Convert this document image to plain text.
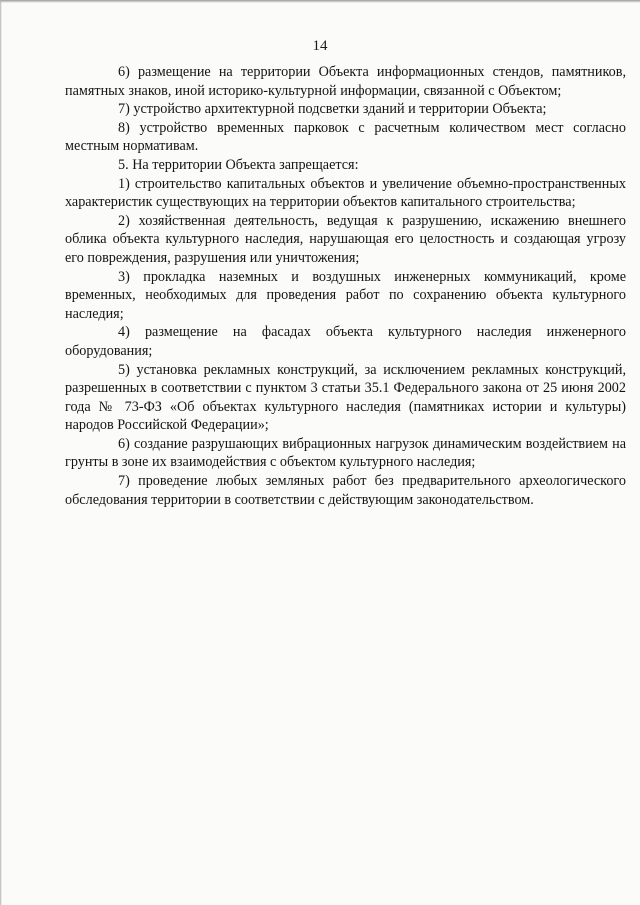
14

6) размещение на территории Объекта информационных стендов, памятников, памятных знаков, иной историко-культурной информации, связанной с Объектом;

7) устройство архитектурной подсветки зданий и территории Объекта;

8) устройство временных парковок с расчетным количеством мест согласно местным нормативам.

5. На территории Объекта запрещается:

1) строительство капитальных объектов и увеличение объемно-пространственных характеристик существующих на территории объектов капитального строительства;

2) хозяйственная деятельность, ведущая к разрушению, искажению внешнего облика объекта культурного наследия, нарушающая его целостность и создающая угрозу его повреждения, разрушения или уничтожения;

3) прокладка наземных и воздушных инженерных коммуникаций, кроме временных, необходимых для проведения работ по сохранению объекта культурного наследия;

4) размещение на фасадах объекта культурного наследия инженерного оборудования;

5) установка рекламных конструкций, за исключением рекламных конструкций, разрешенных в соответствии с пунктом 3 статьи 35.1 Федерального закона от 25 июня 2002 года № 73-ФЗ «Об объектах культурного наследия (памятниках истории и культуры) народов Российской Федерации»;

6) создание разрушающих вибрационных нагрузок динамическим воздействием на грунты в зоне их взаимодействия с объектом культурного наследия;

7) проведение любых земляных работ без предварительного археологического обследования территории в соответствии с действующим законодательством.
